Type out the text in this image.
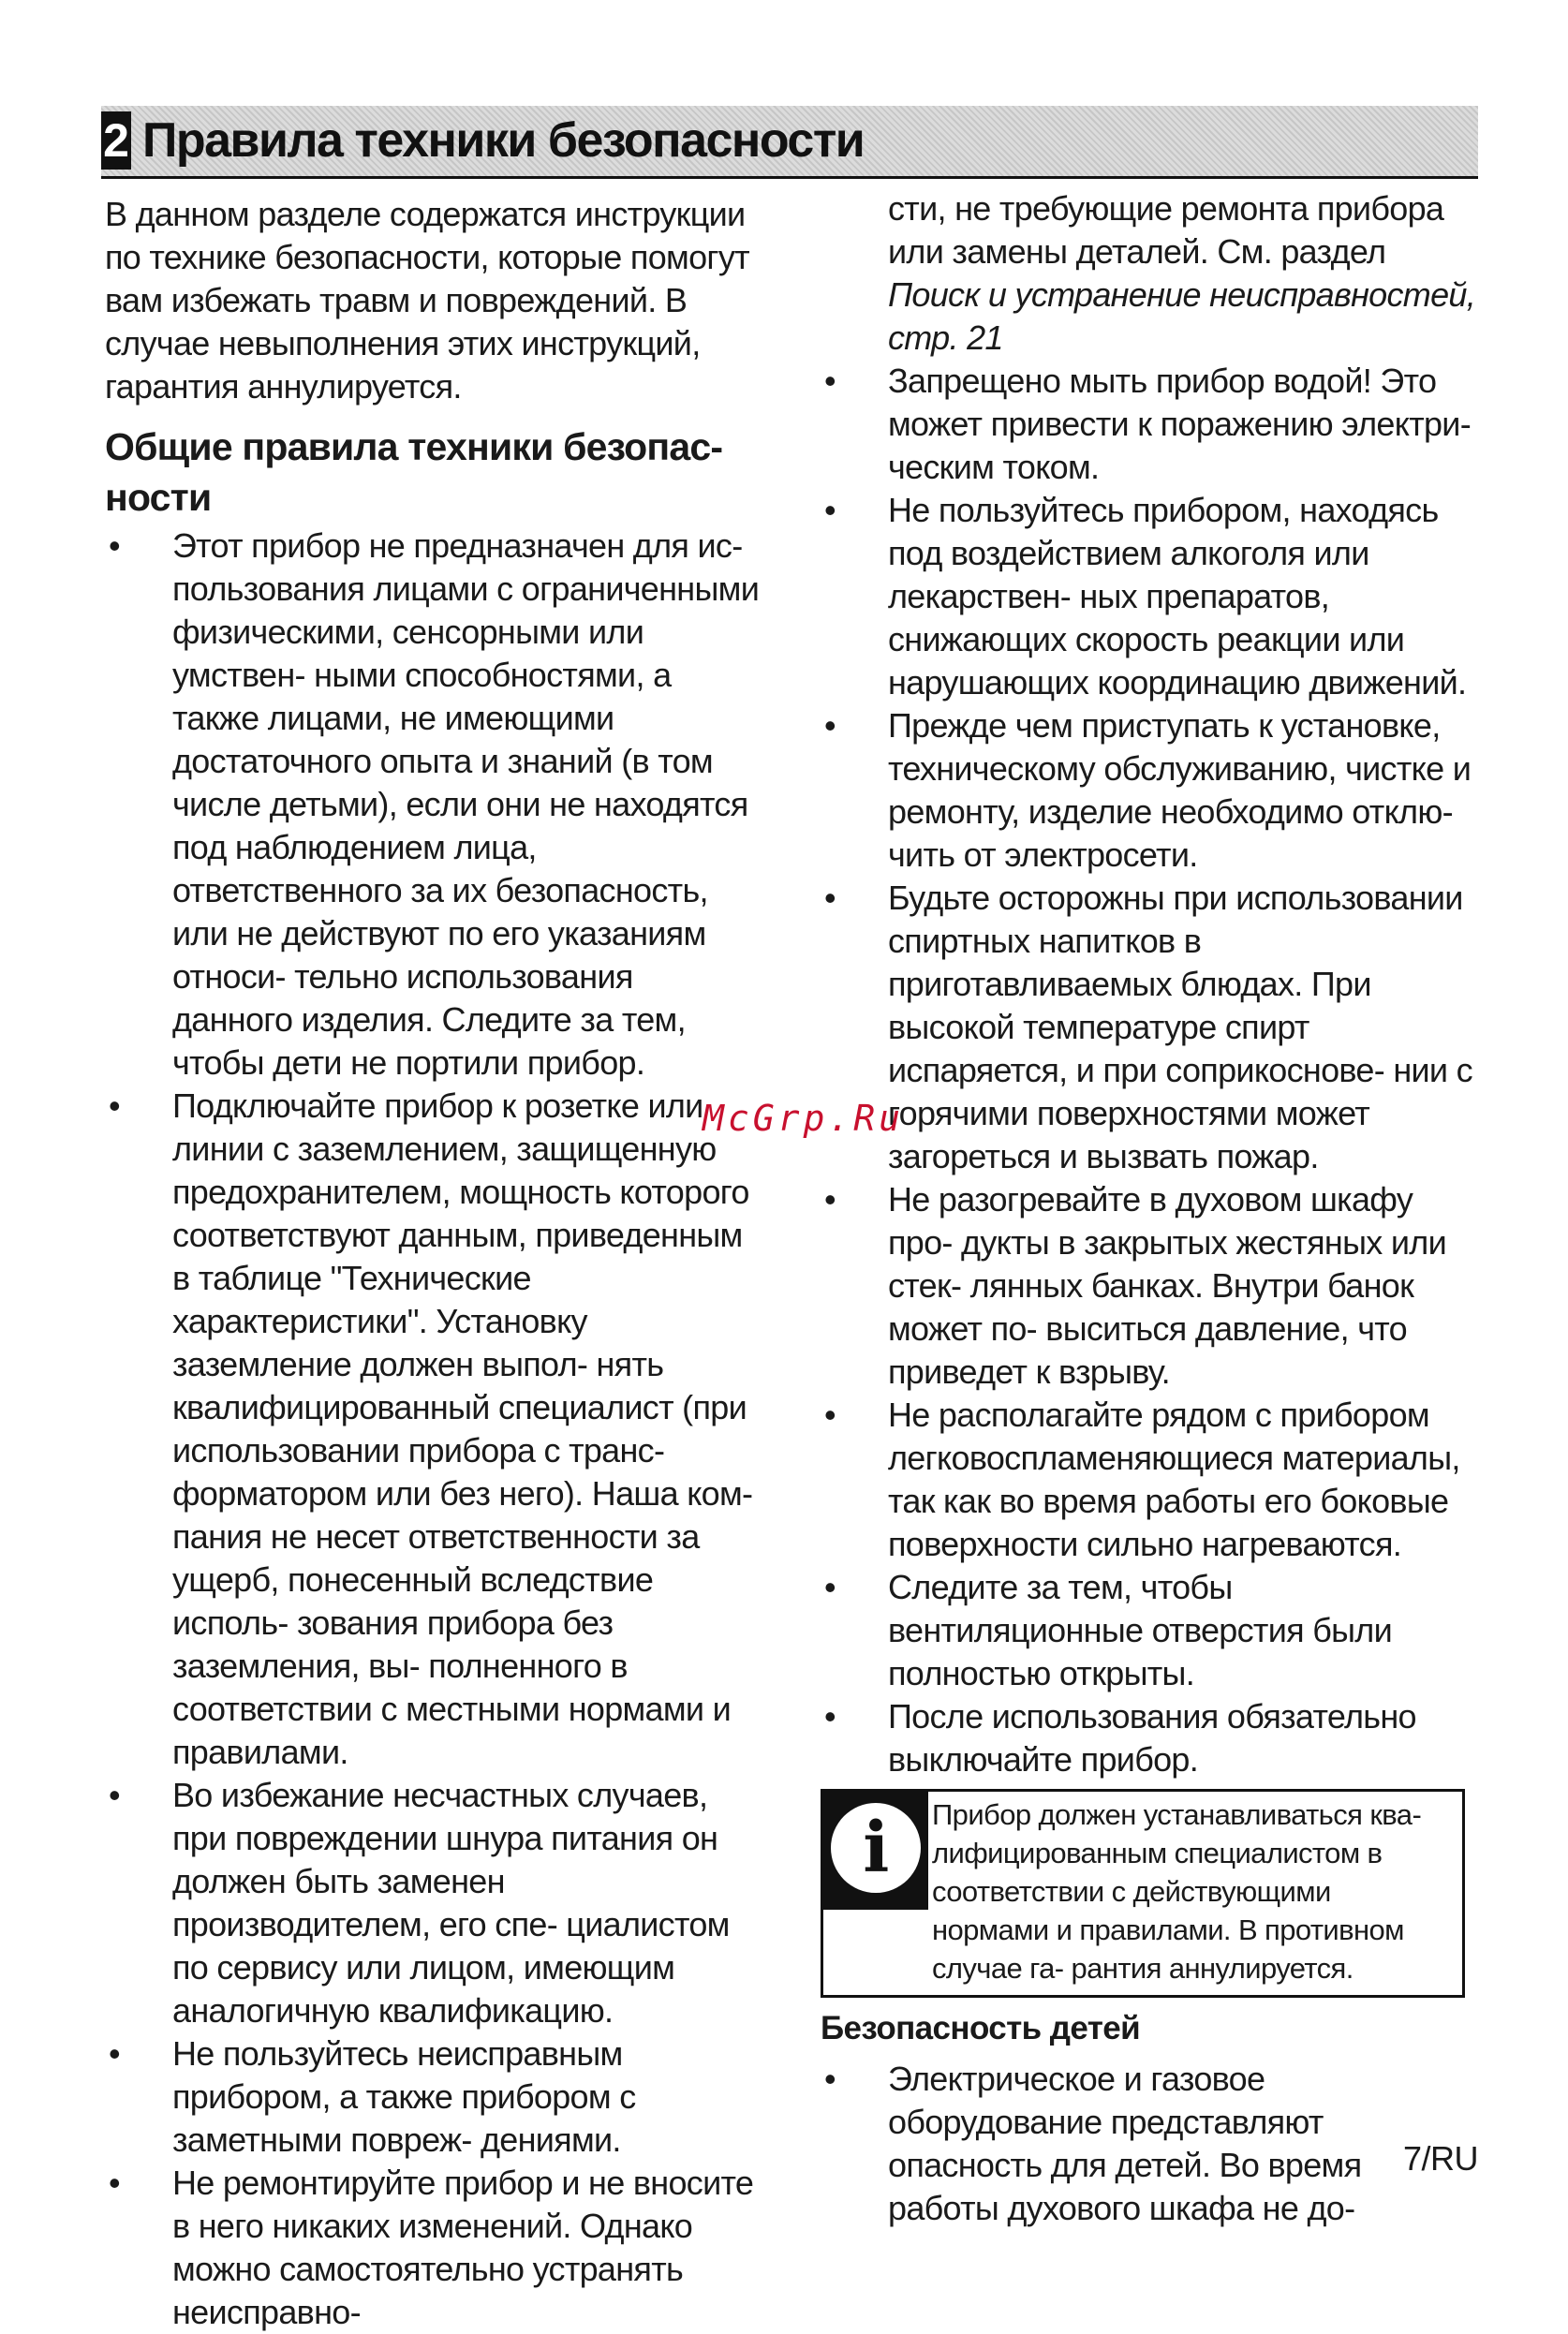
2 Правила техники безопасности

В данном разделе содержатся инструкции по технике безопасности, которые помогут вам избежать травм и повреждений. В случае невыполнения этих инструкций, гарантия аннулируется.

Общие правила техники безопас- ности
• Этот прибор не предназначен для ис- пользования лицами с ограниченными физическими, сенсорными или умствен- ными способностями, а также лицами, не имеющими достаточного опыта и знаний (в том числе детьми), если они не находятся под наблюдением лица, ответственного за их безопасность, или не действуют по его указаниям относи- тельно использования данного изделия. Следите за тем, чтобы дети не портили прибор.
• Подключайте прибор к розетке или линии с заземлением, защищенную предохранителем, мощность которого соответствуют данным, приведенным в таблице "Технические характеристики". Установку заземление должен выпол- нять квалифицированный специалист (при использовании прибора с транс- форматором или без него). Наша ком- пания не несет ответственности за ущерб, понесенный вследствие исполь- зования прибора без заземления, вы- полненного в соответствии с местными нормами и правилами.
• Во избежание несчастных случаев, при повреждении шнура питания он должен быть заменен производителем, его спе- циалистом по сервису или лицом, имеющим аналогичную квалификацию.
• Не пользуйтесь неисправным прибором, а также прибором с заметными повреж- дениями.
• Не ремонтируйте прибор и не вносите в него никаких изменений. Однако можно самостоятельно устранять неисправно-
сти, не требующие ремонта прибора или замены деталей. См. раздел Поиск и устранение неисправностей, стр. 21
• Запрещено мыть прибор водой! Это может привести к поражению электри- ческим током.
• Не пользуйтесь прибором, находясь под воздействием алкоголя или лекарствен- ных препаратов, снижающих скорость реакции или нарушающих координацию движений.
• Прежде чем приступать к установке, техническому обслуживанию, чистке и ремонту, изделие необходимо отклю- чить от электросети.
• Будьте осторожны при использовании спиртных напитков в приготавливаемых блюдах. При высокой температуре спирт испаряется, и при соприкоснове- нии с горячими поверхностями может загореться и вызвать пожар.
• Не разогревайте в духовом шкафу про- дукты в закрытых жестяных или стек- лянных банках. Внутри банок может по- выситься давление, что приведет к взрыву.
• Не располагайте рядом с прибором легковоспламеняющиеся материалы, так как во время работы его боковые поверхности сильно нагреваются.
• Следите за тем, чтобы вентиляционные отверстия были полностью открыты.
• После использования обязательно выключайте прибор.
i	Прибор должен устанавливаться ква- лифицированным специалистом в соответствии с действующими нормами и правилами. В противном случае га- рантия аннулируется.
Безопасность детей
• Электрическое и газовое оборудование представляют опасность для детей. Во время работы духового шкафа не до-
McGrp.Ru
7/RU
